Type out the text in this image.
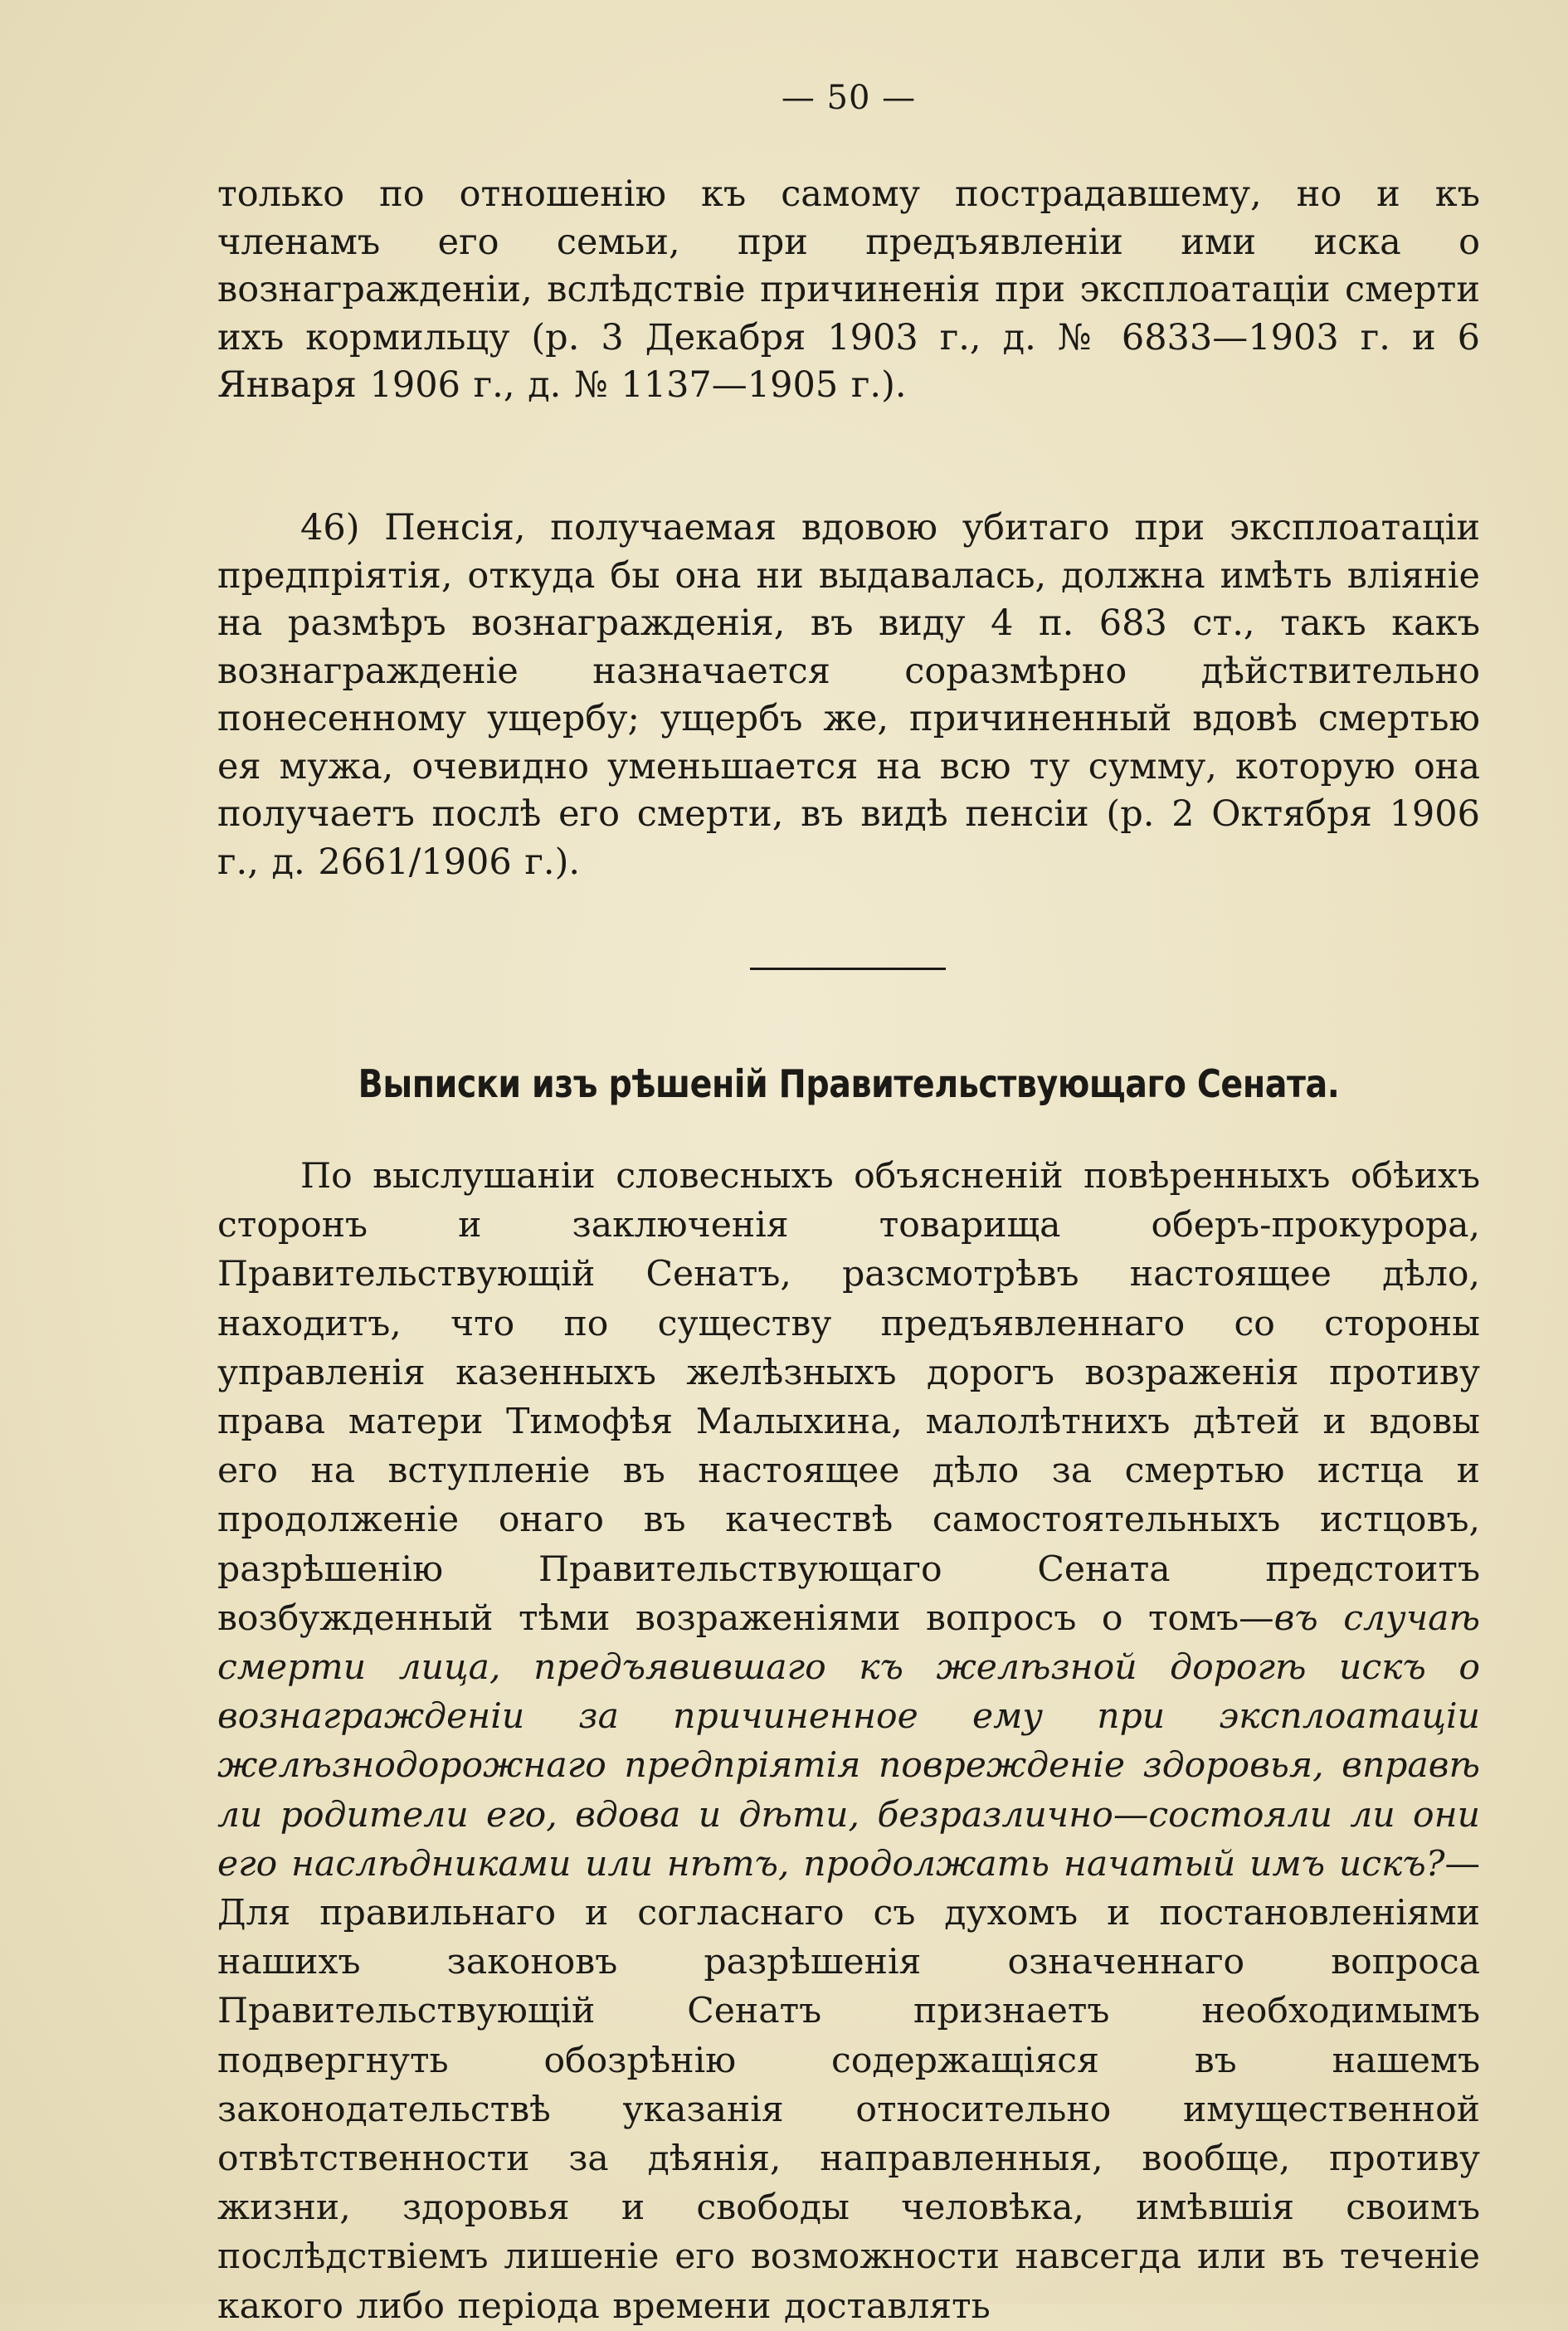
— 50 —

только по отношенію къ самому пострадавшему, но и къ членамъ его семьи, при предъявленіи ими иска о вознагражденіи, вслѣдствіе причиненія при эксплоатаціи смерти ихъ кормильцу (р. 3 Декабря 1903 г., д. № 6833—1903 г. и 6 Января 1906 г., д. № 1137—1905 г.).

46) Пенсія, получаемая вдовою убитаго при эксплоатаціи предпріятія, откуда бы она ни выдавалась, должна имѣть вліяніе на размѣръ вознагражденія, въ виду 4 п. 683 ст., такъ какъ вознагражденіе назначается соразмѣрно дѣйствительно понесенному ущербу; ущербъ же, причиненный вдовѣ смертью ея мужа, очевидно уменьшается на всю ту сумму, которую она получаетъ послѣ его смерти, въ видѣ пенсіи (р. 2 Октября 1906 г., д. 2661/1906 г.).

Выписки изъ рѣшеній Правительствующаго Сената.

По выслушаніи словесныхъ объясненій повѣренныхъ обѣихъ сторонъ и заключенія товарища оберъ-прокурора, Правительствующій Сенатъ, разсмотрѣвъ настоящее дѣло, находитъ, что по существу предъявленнаго со стороны управленія казенныхъ желѣзныхъ дорогъ возраженія противу права матери Тимофѣя Малыхина, малолѣтнихъ дѣтей и вдовы его на вступленіе въ настоящее дѣло за смертью истца и продолженіе онаго въ качествѣ самостоятельныхъ истцовъ, разрѣшенію Правительствующаго Сената предстоитъ возбужденный тѣми возраженіями вопросъ о томъ—въ случаѣ смерти лица, предъявившаго къ желѣзной дорогѣ искъ о вознагражденіи за причиненное ему при эксплоатаціи желѣзнодорожнаго предпріятія поврежденіе здоровья, вправѣ ли родители его, вдова и дѣти, безразлично—состояли ли они его наслѣдниками или нѣтъ, продолжать начатый имъ искъ?—Для правильнаго и согласнаго съ духомъ и постановленіями нашихъ законовъ разрѣшенія означеннаго вопроса Правительствующій Сенатъ признаетъ необходимымъ подвергнуть обозрѣнію содержащіяся въ нашемъ законодательствѣ указанія относительно имущественной отвѣтственности за дѣянія, направленныя, вообще, противу жизни, здоровья и свободы человѣка, имѣвшія своимъ послѣдствіемъ лишеніе его возможности навсегда или въ теченіе какого либо періода времени доставлять
